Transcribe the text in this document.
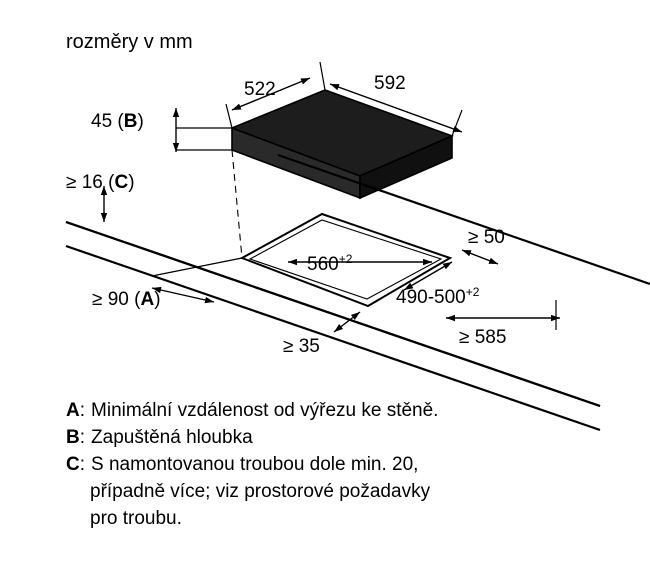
rozměry v mm
592
522
45 (B)
≥ 16 (C)
$560^{+2}$
$490-500^{+2}$
≥ 50
≥ 585
≥ 90 (A)
≥ 35
A : Minimální vzdálenost od výřezu ke stěně.
B : Zapuštěná hloubka
C : S namontovanou troubou dole min. 20,
případně více; viz prostorové požadavky
pro troubu.
